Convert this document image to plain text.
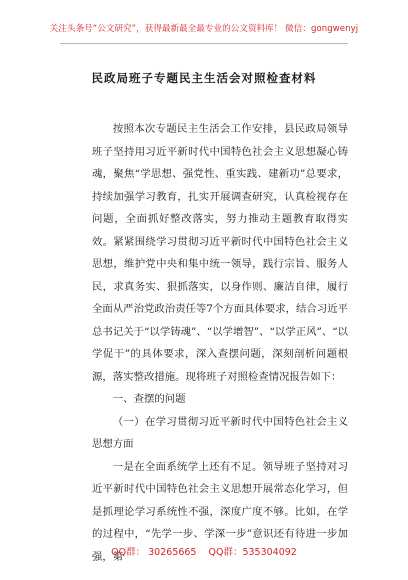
关注头条号“公文研究”，获得最新最全最专业的公文资料库！ 微信：gongwenyj
民政局班子专题民主生活会对照检查材料

按照本次专题民主生活会工作安排，县民政局领导班子坚持用习近平新时代中国特色社会主义思想凝心铸魂，聚焦“学思想、强党性、重实践、建新功”总要求，持续加强学习教育，扎实开展调查研究，认真检视存在问题，全面抓好整改落实，努力推动主题教育取得实效。紧紧围绕学习贯彻习近平新时代中国特色社会主义思想，维护党中央和集中统一领导，践行宗旨、服务人民，求真务实、狠抓落实，以身作则、廉洁自律，履行全面从严治党政治责任等7个方面具体要求，结合习近平总书记关于“以学铸魂”、“以学增智”、“以学正风”、“以学促干”的具体要求，深入查摆问题，深刻剖析问题根源，落实整改措施。现将班子对照检查情况报告如下：

一、查摆的问题

（一）在学习贯彻习近平新时代中国特色社会主义思想方面

一是在全面系统学上还有不足。领导班子坚持对习近平新时代中国特色社会主义思想开展常态化学习，但是抓理论学习系统性不强，深度广度不够。比如，在学的过程中，“先学一步、学深一步”意识还有待进一步加强，第

QQ群： 30265665 QQ群：535304092
